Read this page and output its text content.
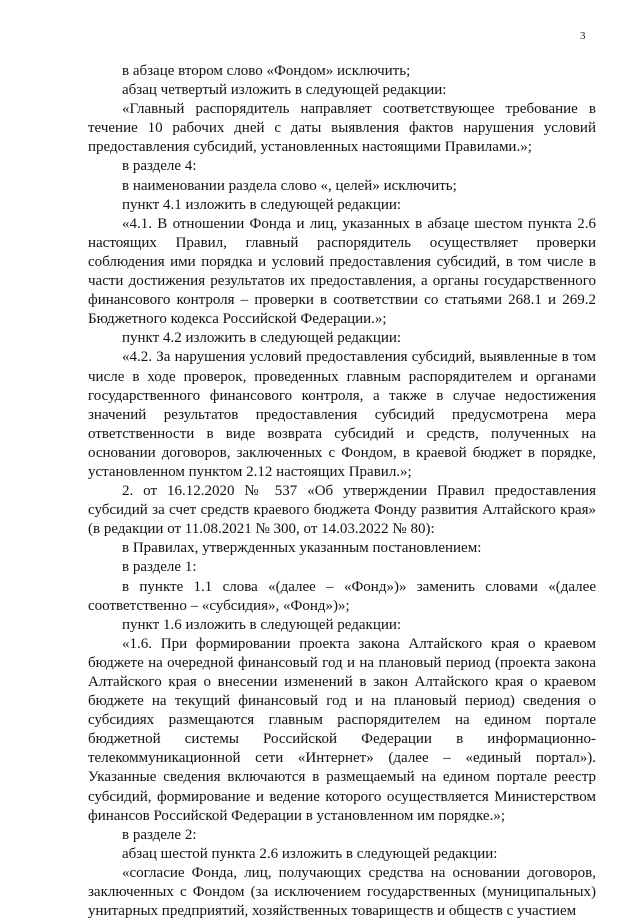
3

в абзаце втором слово «Фондом» исключить;

абзац четвертый изложить в следующей редакции:

«Главный распорядитель направляет соответствующее требование в течение 10 рабочих дней с даты выявления фактов нарушения условий предоставления субсидий, установленных настоящими Правилами.»;

в разделе 4:

в наименовании раздела слово «, целей» исключить;

пункт 4.1 изложить в следующей редакции:

«4.1. В отношении Фонда и лиц, указанных в абзаце шестом пункта 2.6 настоящих Правил, главный распорядитель осуществляет проверки соблюдения ими порядка и условий предоставления субсидий, в том числе в части достижения результатов их предоставления, а органы государственного финансового контроля – проверки в соответствии со статьями 268.1 и 269.2 Бюджетного кодекса Российской Федерации.»;

пункт 4.2 изложить в следующей редакции:

«4.2. За нарушения условий предоставления субсидий, выявленные в том числе в ходе проверок, проведенных главным распорядителем и органами государственного финансового контроля, а также в случае недостижения значений результатов предоставления субсидий предусмотрена мера ответственности в виде возврата субсидий и средств, полученных на основании договоров, заключенных с Фондом, в краевой бюджет в порядке, установленном пунктом 2.12 настоящих Правил.»;

2. от 16.12.2020 № 537 «Об утверждении Правил предоставления субсидий за счет средств краевого бюджета Фонду развития Алтайского края» (в редакции от 11.08.2021 № 300, от 14.03.2022 № 80):

в Правилах, утвержденных указанным постановлением:

в разделе 1:

в пункте 1.1 слова «(далее – «Фонд»)» заменить словами «(далее соответственно – «субсидия», «Фонд»)»;

пункт 1.6 изложить в следующей редакции:

«1.6. При формировании проекта закона Алтайского края о краевом бюджете на очередной финансовый год и на плановый период (проекта закона Алтайского края о внесении изменений в закон Алтайского края о краевом бюджете на текущий финансовый год и на плановый период) сведения о субсидиях размещаются главным распорядителем на едином портале бюджетной системы Российской Федерации в информационно-телекоммуникационной сети «Интернет» (далее – «единый портал»). Указанные сведения включаются в размещаемый на едином портале реестр субсидий, формирование и ведение которого осуществляется Министерством финансов Российской Федерации в установленном им порядке.»;

в разделе 2:

абзац шестой пункта 2.6 изложить в следующей редакции:

«согласие Фонда, лиц, получающих средства на основании договоров, заключенных с Фондом (за исключением государственных (муниципальных) унитарных предприятий, хозяйственных товариществ и обществ с участием
